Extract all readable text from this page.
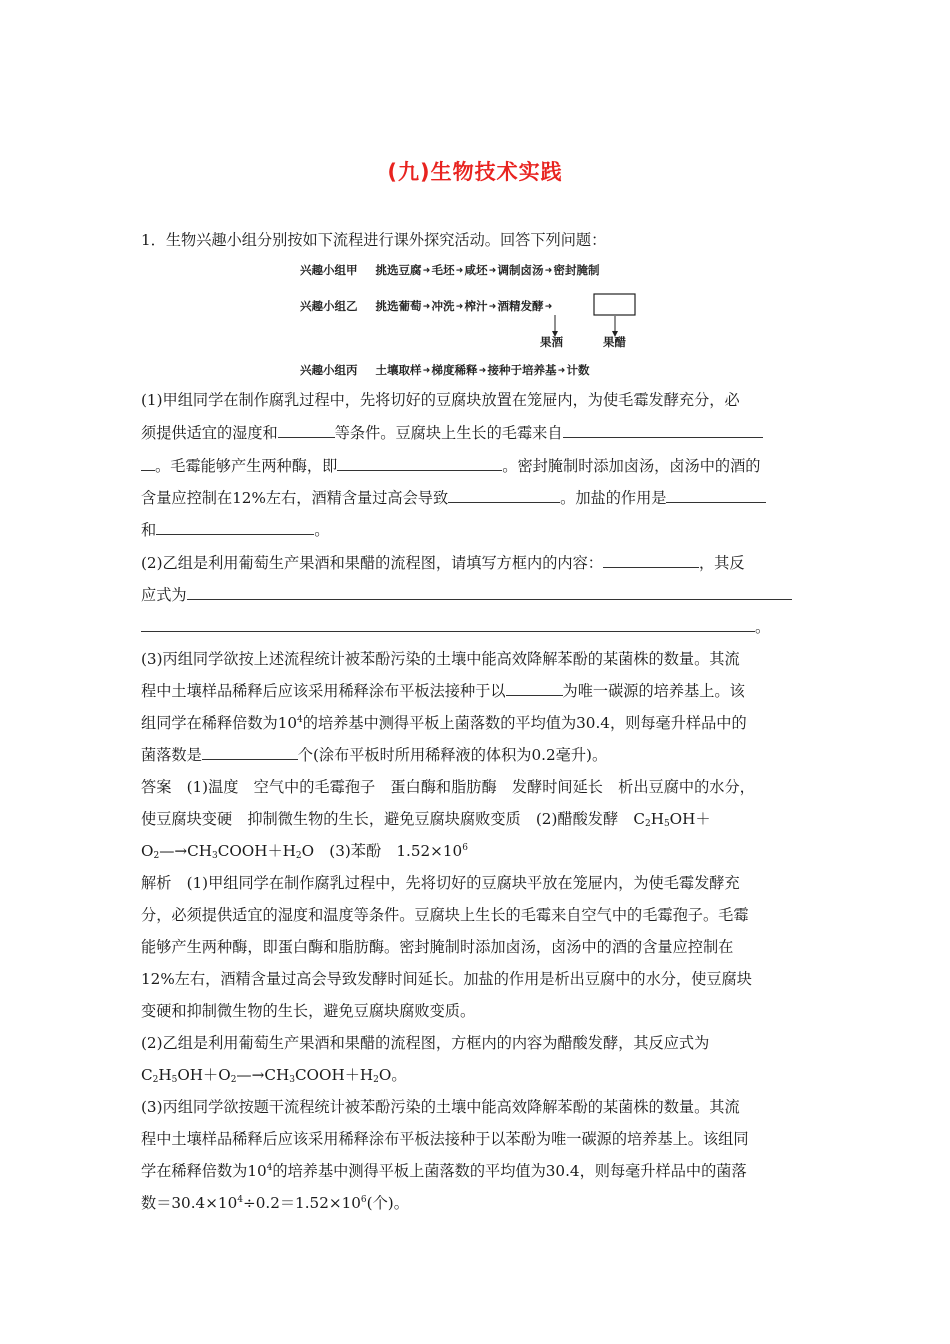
(九)生物技术实践
1．生物兴趣小组分别按如下流程进行课外探究活动。回答下列问题：
兴趣小组甲 挑选豆腐➜毛坯➜咸坯➜调制卤汤➜密封腌制
兴趣小组乙 挑选葡萄➜冲洗➜榨汁➜酒精发酵➜
果酒	果醋
兴趣小组丙 土壤取样➜梯度稀释➜接种于培养基➜计数
(1)甲组同学在制作腐乳过程中，先将切好的豆腐块放置在笼屉内，为使毛霉发酵充分，必
须提供适宜的湿度和	等条件。豆腐块上生长的毛霉来自
。毛霉能够产生两种酶，即	。密封腌制时添加卤汤，卤汤中的酒的
含量应控制在12%左右，酒精含量过高会导致	。加盐的作用是
和	。
(2)乙组是利用葡萄生产果酒和果醋的流程图，请填写方框内的内容：	，其反
应式为
。
(3)丙组同学欲按上述流程统计被苯酚污染的土壤中能高效降解苯酚的某菌株的数量。其流
程中土壤样品稀释后应该采用稀释涂布平板法接种于以	为唯一碳源的培养基上。该
组同学在稀释倍数为$10^4$的培养基中测得平板上菌落数的平均值为30.4，则每毫升样品中的
菌落数是	个(涂布平板时所用稀释液的体积为0.2毫升)。
答案　(1)温度　空气中的毛霉孢子　蛋白酶和脂肪酶　发酵时间延长　析出豆腐中的水分，
使豆腐块变硬　抑制微生物的生长，避免豆腐块腐败变质　(2)醋酸发酵　$C_2H_5OH+$
$O_2—\to CH_3COOH+H_2O$　(3)苯酚　$1.52\times 10^6$
解析　(1)甲组同学在制作腐乳过程中，先将切好的豆腐块平放在笼屉内，为使毛霉发酵充
分，必须提供适宜的湿度和温度等条件。豆腐块上生长的毛霉来自空气中的毛霉孢子。毛霉
能够产生两种酶，即蛋白酶和脂肪酶。密封腌制时添加卤汤，卤汤中的酒的含量应控制在
12%左右，酒精含量过高会导致发酵时间延长。加盐的作用是析出豆腐中的水分，使豆腐块
变硬和抑制微生物的生长，避免豆腐块腐败变质。
(2)乙组是利用葡萄生产果酒和果醋的流程图，方框内的内容为醋酸发酵，其反应式为
$C_2H_5OH+O_2—\to CH_3COOH+H_2O$。
(3)丙组同学欲按题干流程统计被苯酚污染的土壤中能高效降解苯酚的某菌株的数量。其流
程中土壤样品稀释后应该采用稀释涂布平板法接种于以苯酚为唯一碳源的培养基上。该组同
学在稀释倍数为$10^4$的培养基中测得平板上菌落数的平均值为30.4，则每毫升样品中的菌落
数$=30.4\times 10^4\div 0.2=1.52\times 10^6$(个)。
